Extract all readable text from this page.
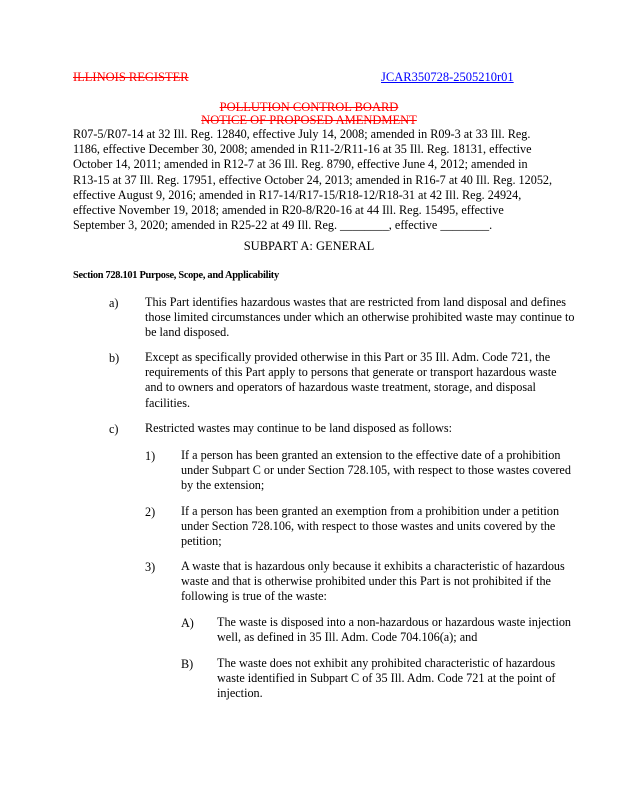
ILLINOIS REGISTER	JCAR350728-2505210r01
POLLUTION CONTROL BOARD
NOTICE OF PROPOSED AMENDMENT
R07-5/R07-14 at 32 Ill. Reg. 12840, effective July 14, 2008; amended in R09-3 at 33 Ill. Reg. 1186, effective December 30, 2008; amended in R11-2/R11-16 at 35 Ill. Reg. 18131, effective October 14, 2011; amended in R12-7 at 36 Ill. Reg. 8790, effective June 4, 2012; amended in R13-15 at 37 Ill. Reg. 17951, effective October 24, 2013; amended in R16-7 at 40 Ill. Reg. 12052, effective August 9, 2016; amended in R17-14/R17-15/R18-12/R18-31 at 42 Ill. Reg. 24924, effective November 19, 2018; amended in R20-8/R20-16 at 44 Ill. Reg. 15495, effective September 3, 2020; amended in R25-22 at 49 Ill. Reg. ________, effective ________.
SUBPART A: GENERAL
Section 728.101 Purpose, Scope, and Applicability
a) This Part identifies hazardous wastes that are restricted from land disposal and defines those limited circumstances under which an otherwise prohibited waste may continue to be land disposed.
b) Except as specifically provided otherwise in this Part or 35 Ill. Adm. Code 721, the requirements of this Part apply to persons that generate or transport hazardous waste and to owners and operators of hazardous waste treatment, storage, and disposal facilities.
c) Restricted wastes may continue to be land disposed as follows:
1) If a person has been granted an extension to the effective date of a prohibition under Subpart C or under Section 728.105, with respect to those wastes covered by the extension;
2) If a person has been granted an exemption from a prohibition under a petition under Section 728.106, with respect to those wastes and units covered by the petition;
3) A waste that is hazardous only because it exhibits a characteristic of hazardous waste and that is otherwise prohibited under this Part is not prohibited if the following is true of the waste:
A) The waste is disposed into a non-hazardous or hazardous waste injection well, as defined in 35 Ill. Adm. Code 704.106(a); and
B) The waste does not exhibit any prohibited characteristic of hazardous waste identified in Subpart C of 35 Ill. Adm. Code 721 at the point of injection.
